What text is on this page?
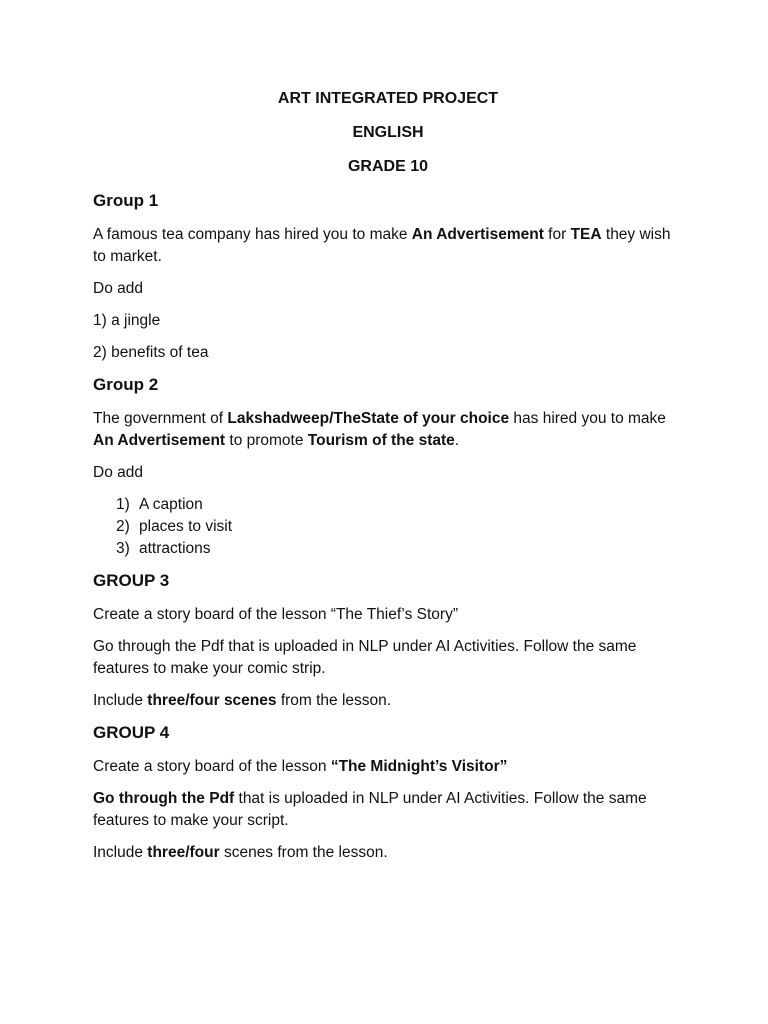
ART INTEGRATED PROJECT
ENGLISH
GRADE 10
Group 1

A famous tea company has hired you to make An Advertisement for TEA they wish to market.

Do add

1) a jingle

2) benefits of tea

Group 2

The government of Lakshadweep/TheState of your choice has hired you to make An Advertisement to promote Tourism of the state.

Do add

1) A caption
2) places to visit
3) attractions
GROUP 3

Create a story board of the lesson “The Thief’s Story”

Go through the Pdf that is uploaded in NLP under AI Activities. Follow the same features to make your comic strip.

Include three/four scenes from the lesson.

GROUP 4

Create a story board of the lesson “The Midnight’s Visitor”

Go through the Pdf that is uploaded in NLP under AI Activities. Follow the same features to make your script.

Include three/four scenes from the lesson.
